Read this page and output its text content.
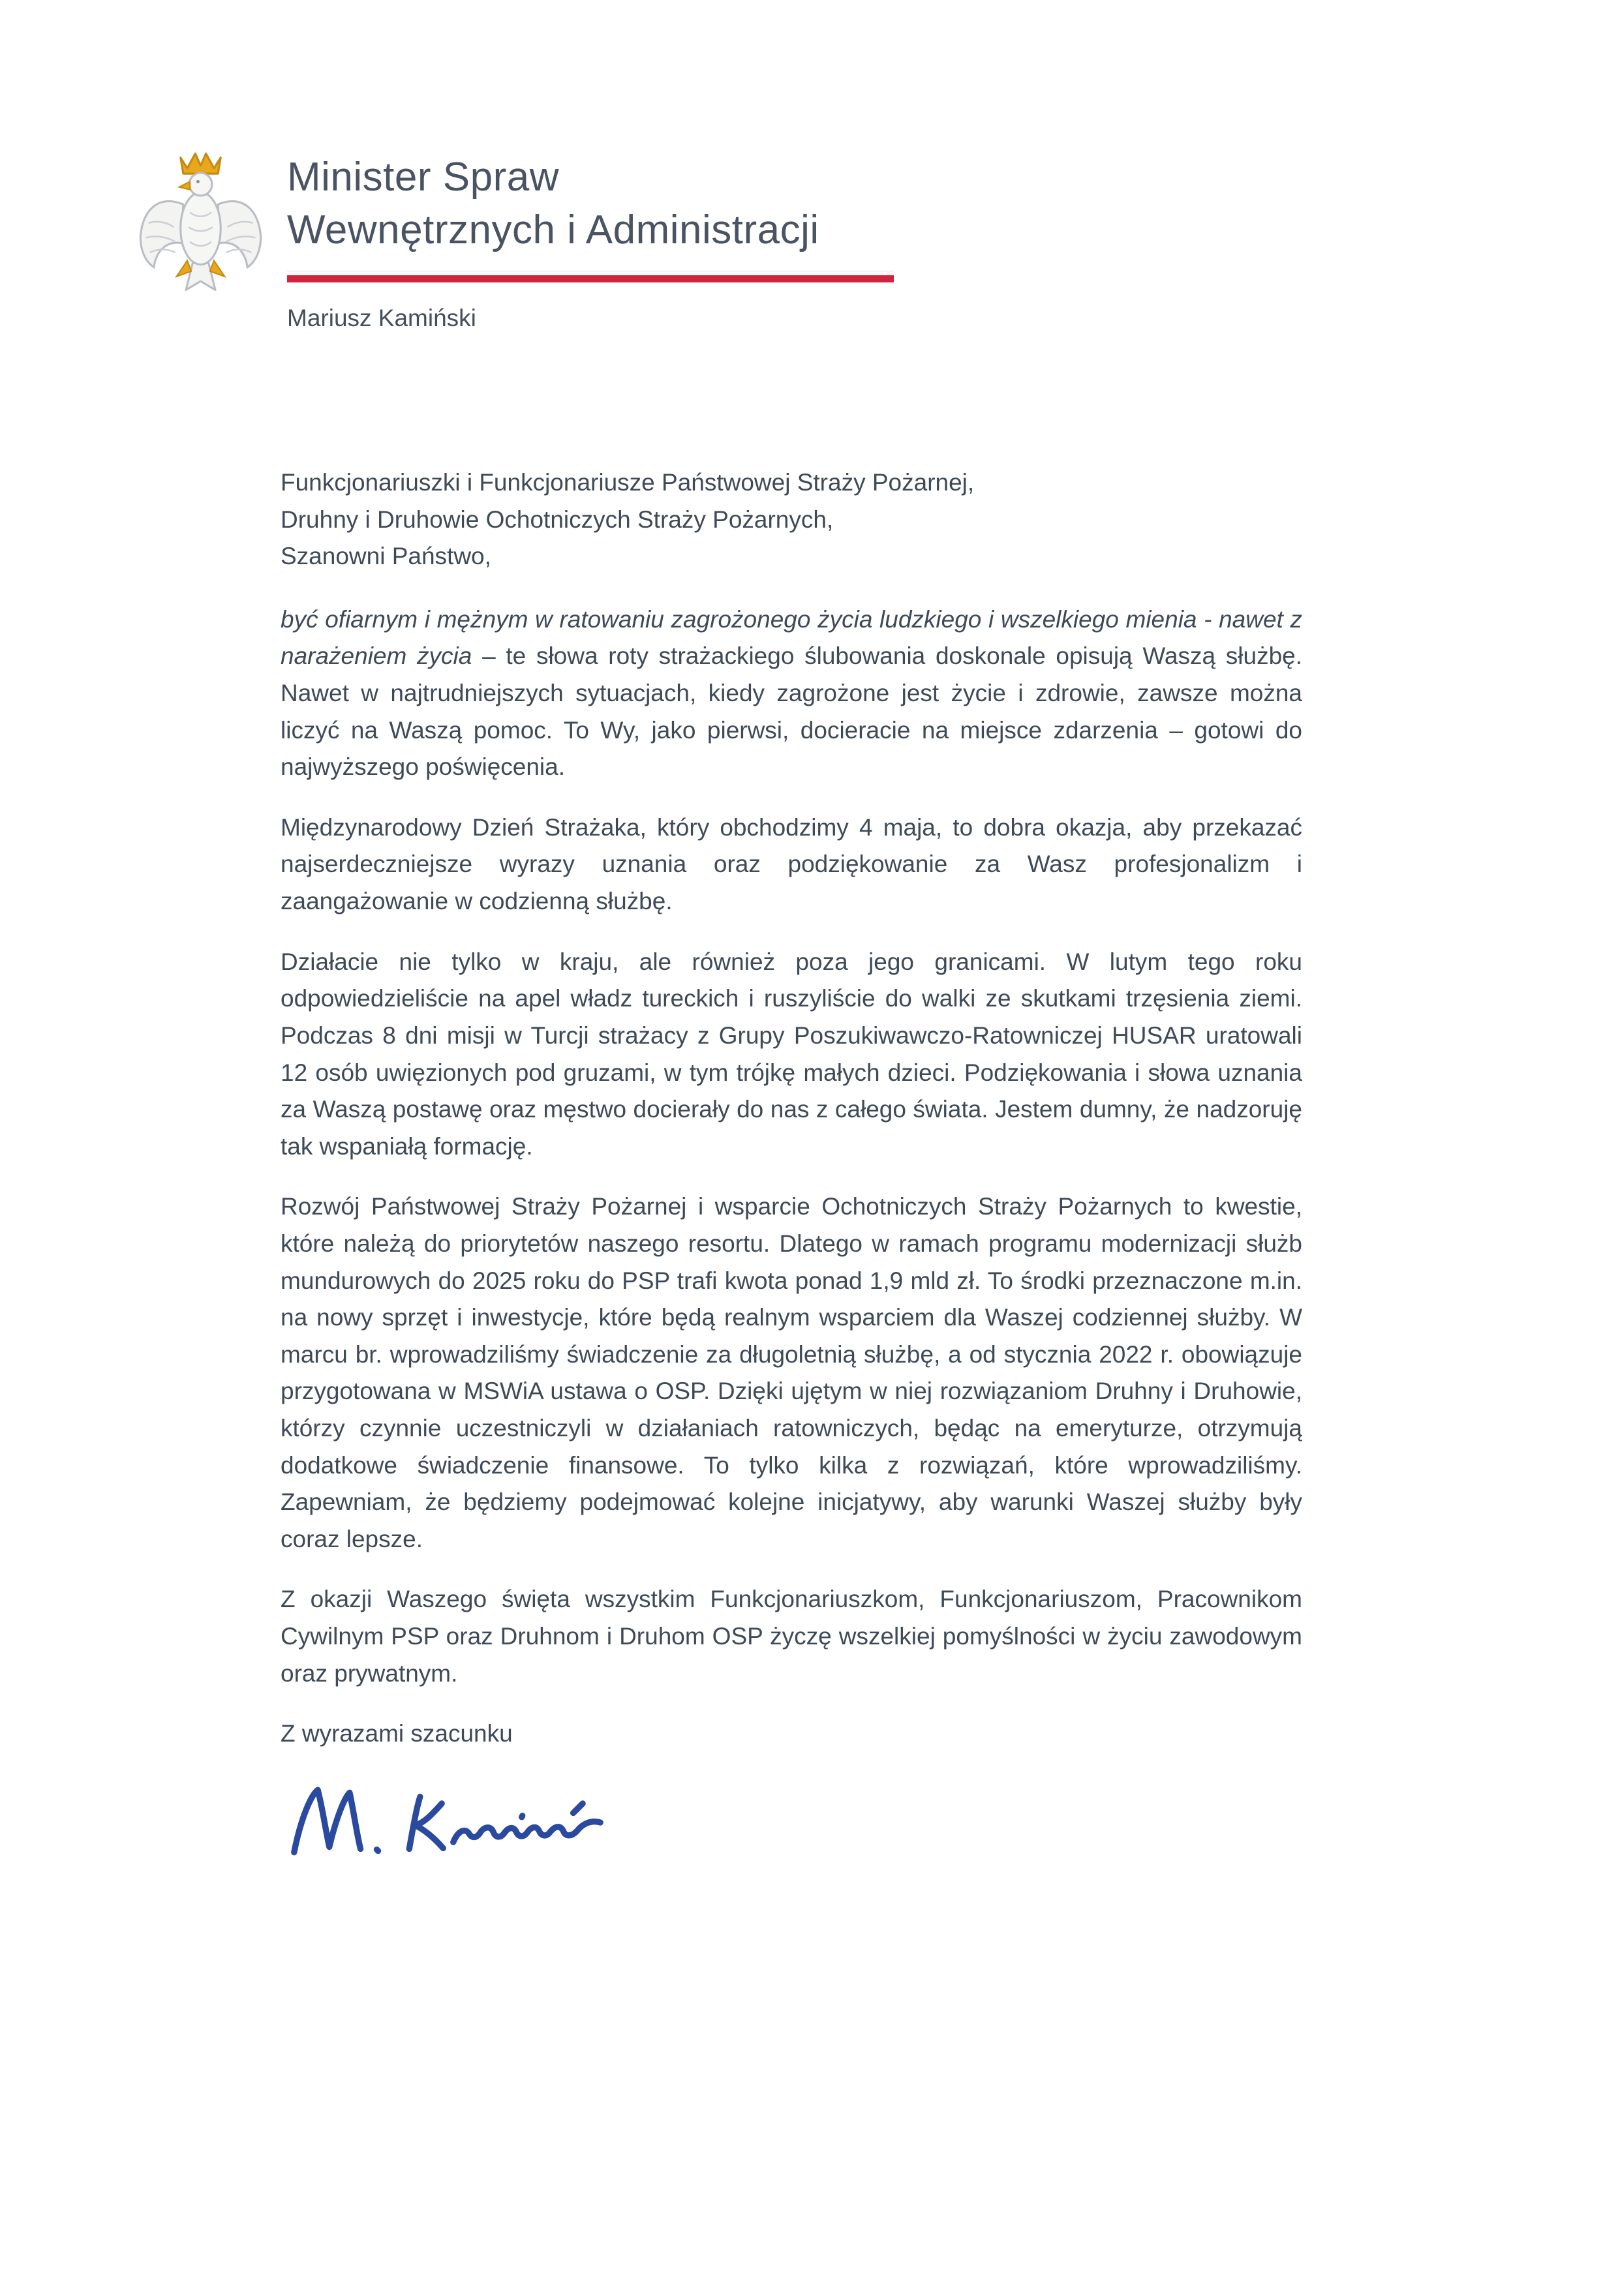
Minister Spraw
Wewnętrznych i Administracji
Mariusz Kamiński
Funkcjonariuszki i Funkcjonariusze Państwowej Straży Pożarnej,
Druhny i Druhowie Ochotniczych Straży Pożarnych,
Szanowni Państwo,

być ofiarnym i mężnym w ratowaniu zagrożonego życia ludzkiego i wszelkiego mienia - nawet z narażeniem życia – te słowa roty strażackiego ślubowania doskonale opisują Waszą służbę. Nawet w najtrudniejszych sytuacjach, kiedy zagrożone jest życie i zdrowie, zawsze można liczyć na Waszą pomoc. To Wy, jako pierwsi, docieracie na miejsce zdarzenia – gotowi do najwyższego poświęcenia.

Międzynarodowy Dzień Strażaka, który obchodzimy 4 maja, to dobra okazja, aby przekazać najserdeczniejsze wyrazy uznania oraz podziękowanie za Wasz profesjonalizm i zaangażowanie w codzienną służbę.

Działacie nie tylko w kraju, ale również poza jego granicami. W lutym tego roku odpowiedzieliście na apel władz tureckich i ruszyliście do walki ze skutkami trzęsienia ziemi. Podczas 8 dni misji w Turcji strażacy z Grupy Poszukiwawczo-Ratowniczej HUSAR uratowali 12 osób uwięzionych pod gruzami, w tym trójkę małych dzieci. Podziękowania i słowa uznania za Waszą postawę oraz męstwo docierały do nas z całego świata. Jestem dumny, że nadzoruję tak wspaniałą formację.

Rozwój Państwowej Straży Pożarnej i wsparcie Ochotniczych Straży Pożarnych to kwestie, które należą do priorytetów naszego resortu. Dlatego w ramach programu modernizacji służb mundurowych do 2025 roku do PSP trafi kwota ponad 1,9 mld zł. To środki przeznaczone m.in. na nowy sprzęt i inwestycje, które będą realnym wsparciem dla Waszej codziennej służby. W marcu br. wprowadziliśmy świadczenie za długoletnią służbę, a od stycznia 2022 r. obowiązuje przygotowana w MSWiA ustawa o OSP. Dzięki ujętym w niej rozwiązaniom Druhny i Druhowie, którzy czynnie uczestniczyli w działaniach ratowniczych, będąc na emeryturze, otrzymują dodatkowe świadczenie finansowe. To tylko kilka z rozwiązań, które wprowadziliśmy. Zapewniam, że będziemy podejmować kolejne inicjatywy, aby warunki Waszej służby były coraz lepsze.

Z okazji Waszego święta wszystkim Funkcjonariuszkom, Funkcjonariuszom, Pracownikom Cywilnym PSP oraz Druhnom i Druhom OSP życzę wszelkiej pomyślności w życiu zawodowym oraz prywatnym.

Z wyrazami szacunku
